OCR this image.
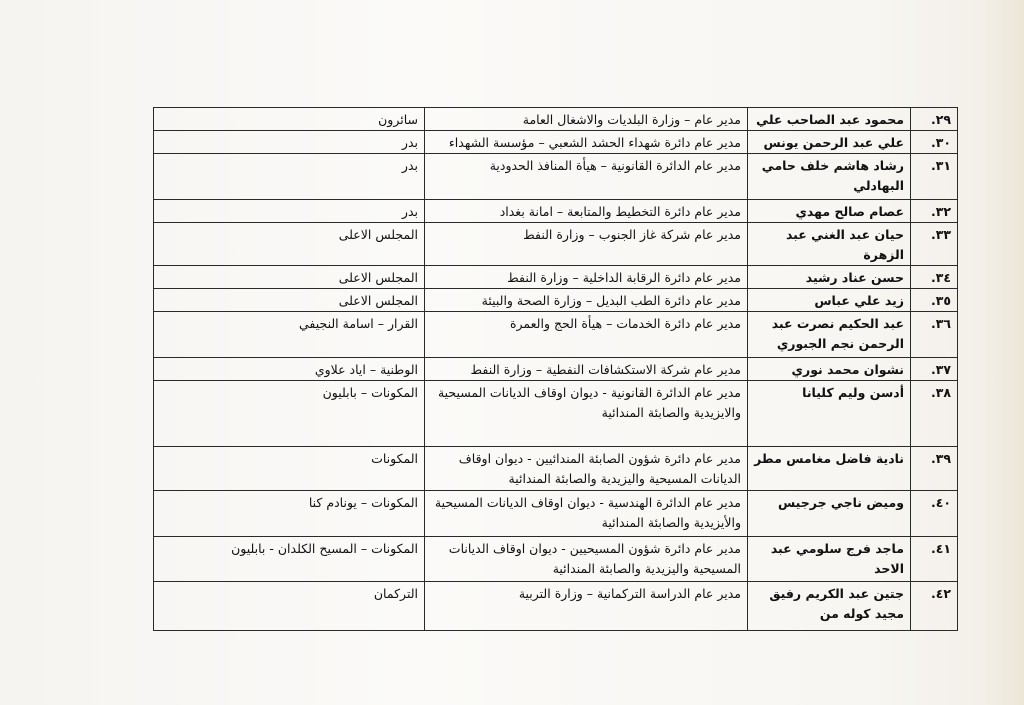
٢٩.	محمود عبد الصاحب علي	مدير عام – وزارة البلديات والاشغال العامة	سائرون
٣٠.	علي عبد الرحمن يونس	مدير عام دائرة شهداء الحشد الشعبي – مؤسسة الشهداء	بدر
٣١.	رشاد هاشم خلف حامي البهادلي	مدير عام الدائرة القانونية – هيأة المنافذ الحدودية	بدر
٣٢.	عصام صالح مهدي	مدير عام دائرة التخطيط والمتابعة – امانة بغداد	بدر
٣٣.	حيان عبد الغني عبد الزهرة	مدير عام شركة غاز الجنوب – وزارة النفط	المجلس الاعلى
٣٤.	حسن عناد رشيد	مدير عام دائرة الرقابة الداخلية – وزارة النفط	المجلس الاعلى
٣٥.	زيد علي عباس	مدير عام دائرة الطب البديل – وزارة الصحة والبيئة	المجلس الاعلى
٣٦.	عبد الحكيم نصرت عبد الرحمن نجم الجبوري	مدير عام دائرة الخدمات – هيأة الحج والعمرة	القرار – اسامة النجيفي
٣٧.	نشوان محمد نوري	مدير عام شركة الاستكشافات النفطية – وزارة النفط	الوطنية – اياد علاوي
٣٨.	أدسن وليم كليانا	مدير عام الدائرة القانونية - ديوان اوقاف الديانات المسيحية والايزيدية والصابئة المندائية	المكونات – بابليون
٣٩.	نادية فاضل مغامس مطر	مدير عام دائرة شؤون الصابئة المندائيين - ديوان اوقاف الديانات المسيحية واليزيدية والصابئة المندائية	المكونات
٤٠.	وميض ناجي جرجيس	مدير عام الدائرة الهندسية - ديوان اوقاف الديانات المسيحية والأيزيدية والصابئة المندائية	المكونات – يونادم كنا
٤١.	ماجد فرج سلومي عبد الاحد	مدير عام دائرة شؤون المسيحيين - ديوان اوقاف الديانات المسيحية واليزيدية والصابئة المندائية	المكونات – المسيح الكلدان - بابليون
٤٢.	جتين عبد الكريم رفيق مجيد كوله من	مدير عام الدراسة التركمانية – وزارة التربية	التركمان
